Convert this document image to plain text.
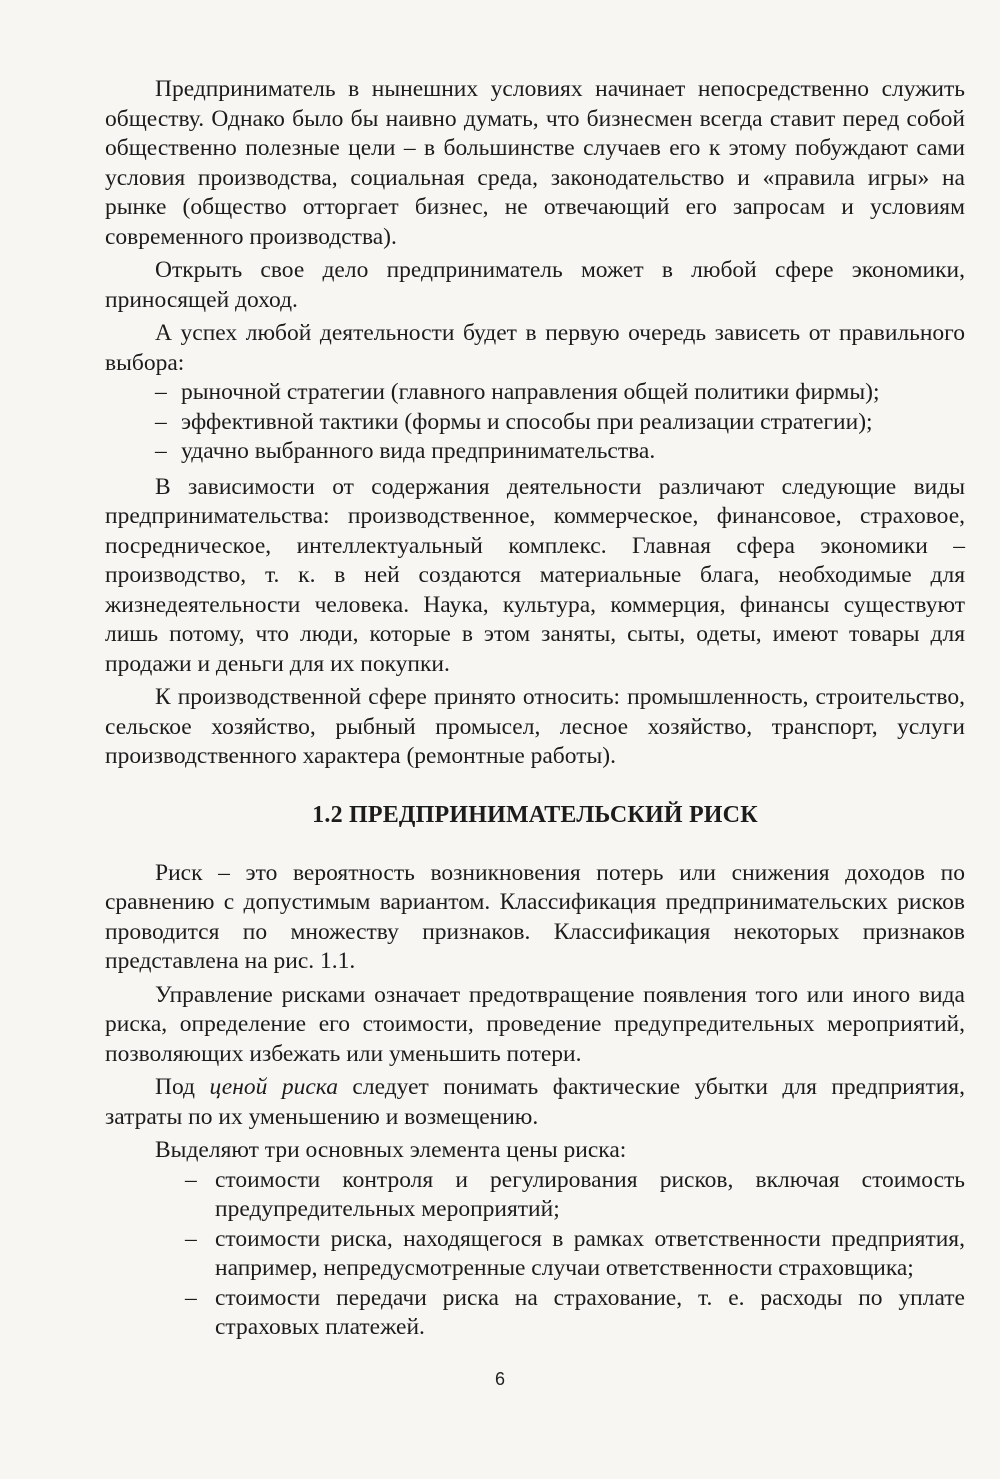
Предприниматель в нынешних условиях начинает непосредственно служить обществу. Однако было бы наивно думать, что бизнесмен всегда ставит перед собой общественно полезные цели – в большинстве случаев его к этому побуждают сами условия производства, социальная среда, законодательство и «правила игры» на рынке (общество отторгает бизнес, не отвечающий его запросам и условиям современного производства).

Открыть свое дело предприниматель может в любой сфере экономики, приносящей доход.

А успех любой деятельности будет в первую очередь зависеть от правильного выбора:

– рыночной стратегии (главного направления общей политики фирмы);
– эффективной тактики (формы и способы при реализации стратегии);
– удачно выбранного вида предпринимательства.

В зависимости от содержания деятельности различают следующие виды предпринимательства: производственное, коммерческое, финансовое, страховое, посредническое, интеллектуальный комплекс. Главная сфера экономики – производство, т. к. в ней создаются материальные блага, необходимые для жизнедеятельности человека. Наука, культура, коммерция, финансы существуют лишь потому, что люди, которые в этом заняты, сыты, одеты, имеют товары для продажи и деньги для их покупки.

К производственной сфере принято относить: промышленность, строительство, сельское хозяйство, рыбный промысел, лесное хозяйство, транспорт, услуги производственного характера (ремонтные работы).

1.2 ПРЕДПРИНИМАТЕЛЬСКИЙ РИСК

Риск – это вероятность возникновения потерь или снижения доходов по сравнению с допустимым вариантом. Классификация предпринимательских рисков проводится по множеству признаков. Классификация некоторых признаков представлена на рис. 1.1.

Управление рисками означает предотвращение появления того или иного вида риска, определение его стоимости, проведение предупредительных мероприятий, позволяющих избежать или уменьшить потери.

Под ценой риска следует понимать фактические убытки для предприятия, затраты по их уменьшению и возмещению.

Выделяют три основных элемента цены риска:

– стоимости контроля и регулирования рисков, включая стоимость предупредительных мероприятий;
– стоимости риска, находящегося в рамках ответственности предприятия, например, непредусмотренные случаи ответственности страховщика;
– стоимости передачи риска на страхование, т. е. расходы по уплате страховых платежей.
6
